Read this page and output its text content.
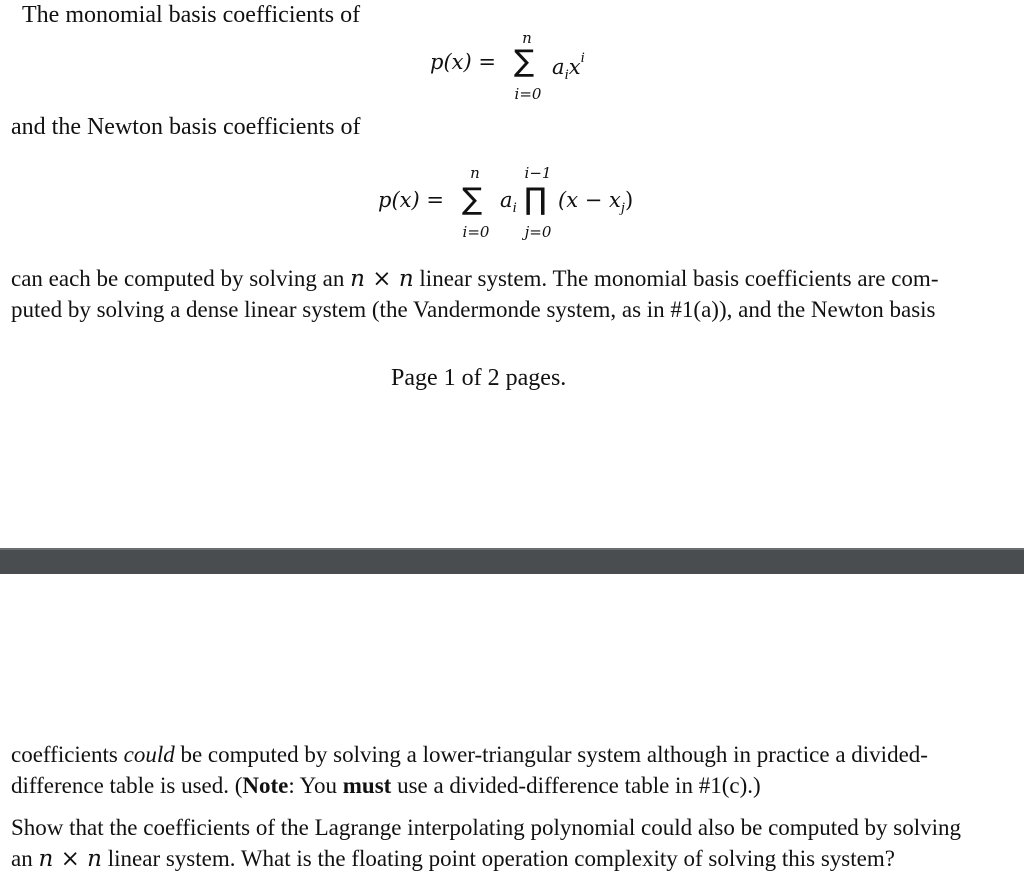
The monomial basis coefficients of
p(x) =
n
∑
i=0
aixi
and the Newton basis coefficients of
p(x) =
n
∑
i=0
ai
i−1
∏
j=0
(x − xj)
can each be computed by solving an n × n linear system. The monomial basis coefficients are com-
puted by solving a dense linear system (the Vandermonde system, as in #1(a)), and the Newton basis
Page 1 of 2 pages.
coefficients could be computed by solving a lower-triangular system although in practice a divided-
difference table is used. (Note: You must use a divided-difference table in #1(c).)
Show that the coefficients of the Lagrange interpolating polynomial could also be computed by solving
an n × n linear system. What is the floating point operation complexity of solving this system?
